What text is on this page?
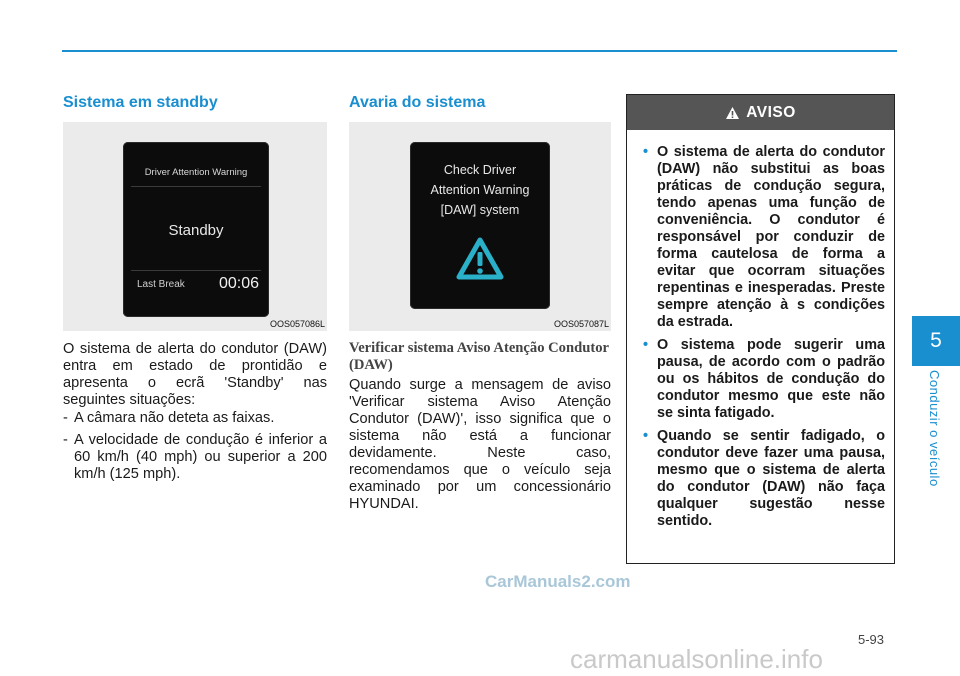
Sistema em standby
Driver Attention Warning
Standby
Last Break 00:06
OOS057086L

O sistema de alerta do condutor (DAW) entra em estado de prontidão e apresenta o ecrã 'Standby' nas seguintes situações:

- A câmara não deteta as faixas.
- A velocidade de condução é inferior a 60 km/h (40 mph) ou superior a 200 km/h (125 mph).
Avaria do sistema
Check Driver
Attention Warning
[DAW] system
OOS057087L
Verificar sistema Aviso Atenção Condutor (DAW)

Quando surge a mensagem de aviso 'Verificar sistema Aviso Atenção Condutor (DAW)', isso significa que o sistema não está a funcionar devidamente. Neste caso, recomendamos que o veículo seja examinado por um concessionário HYUNDAI.

AVISO
• O sistema de alerta do condutor (DAW) não substitui as boas práticas de condução segura, tendo apenas uma função de conveniência. O condutor é responsável por conduzir de forma cautelosa de forma a evitar que ocorram situações repentinas e inesperadas. Preste sempre atenção à s condições da estrada.
• O sistema pode sugerir uma pausa, de acordo com o padrão ou os hábitos de condução do condutor mesmo que este não se sinta fatigado.
• Quando se sentir fadigado, o condutor deve fazer uma pausa, mesmo que o sistema de alerta do condutor (DAW) não faça qualquer sugestão nesse sentido.
5
Conduzir o veículo
5-93
CarManuals2.com
carmanualsonline.info
